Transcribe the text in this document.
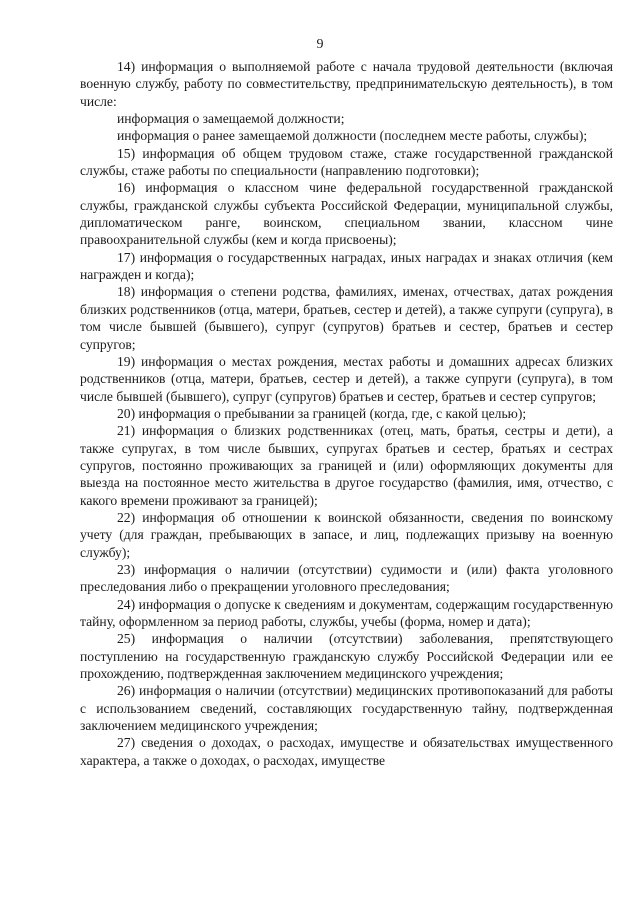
9

14) информация о выполняемой работе с начала трудовой деятельности (включая военную службу, работу по совместительству, предпринимательскую деятельность), в том числе:

информация о замещаемой должности;

информация о ранее замещаемой должности (последнем месте работы, службы);

15) информация об общем трудовом стаже, стаже государственной гражданской службы, стаже работы по специальности (направлению подготовки);

16) информация о классном чине федеральной государственной гражданской службы, гражданской службы субъекта Российской Федерации, муниципальной службы, дипломатическом ранге, воинском, специальном звании, классном чине правоохранительной службы (кем и когда присвоены);

17) информация о государственных наградах, иных наградах и знаках отличия (кем награжден и когда);

18) информация о степени родства, фамилиях, именах, отчествах, датах рождения близких родственников (отца, матери, братьев, сестер и детей), а также супруги (супруга), в том числе бывшей (бывшего), супруг (супругов) братьев и сестер, братьев и сестер супругов;

19) информация о местах рождения, местах работы и домашних адресах близких родственников (отца, матери, братьев, сестер и детей), а также супруги (супруга), в том числе бывшей (бывшего), супруг (супругов) братьев и сестер, братьев и сестер супругов;

20) информация о пребывании за границей (когда, где, с какой целью);

21) информация о близких родственниках (отец, мать, братья, сестры и дети), а также супругах, в том числе бывших, супругах братьев и сестер, братьях и сестрах супругов, постоянно проживающих за границей и (или) оформляющих документы для выезда на постоянное место жительства в другое государство (фамилия, имя, отчество, с какого времени проживают за границей);

22) информация об отношении к воинской обязанности, сведения по воинскому учету (для граждан, пребывающих в запасе, и лиц, подлежащих призыву на военную службу);

23) информация о наличии (отсутствии) судимости и (или) факта уголовного преследования либо о прекращении уголовного преследования;

24) информация о допуске к сведениям и документам, содержащим государственную тайну, оформленном за период работы, службы, учебы (форма, номер и дата);

25) информация о наличии (отсутствии) заболевания, препятствующего поступлению на государственную гражданскую службу Российской Федерации или ее прохождению, подтвержденная заключением медицинского учреждения;

26) информация о наличии (отсутствии) медицинских противопоказаний для работы с использованием сведений, составляющих государственную тайну, подтвержденная заключением медицинского учреждения;

27) сведения о доходах, о расходах, имуществе и обязательствах имущественного характера, а также о доходах, о расходах, имуществе
